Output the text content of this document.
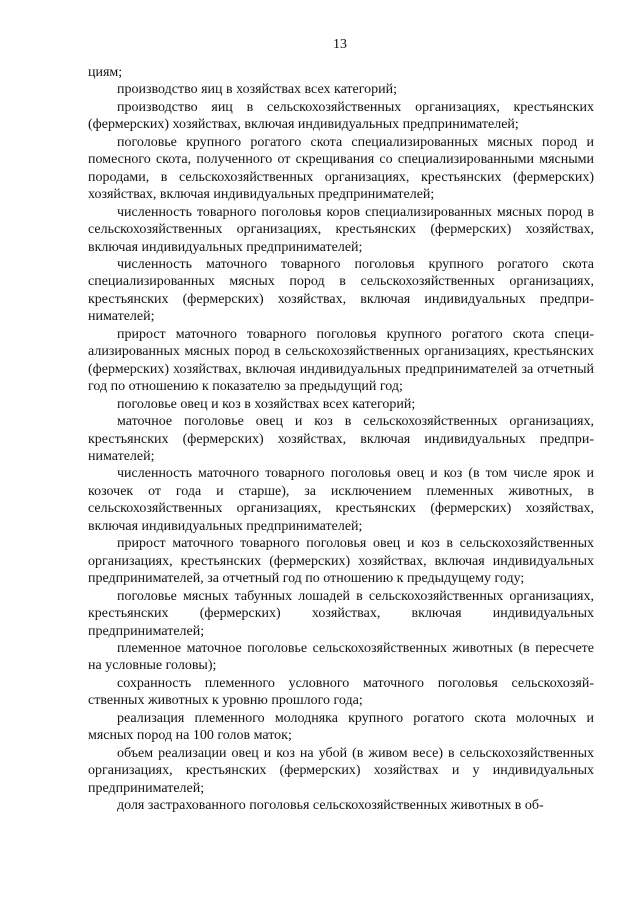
13

циям;

производство яиц в хозяйствах всех категорий;

производство яиц в сельскохозяйственных организациях, крестьянских (фермерских) хозяйствах, включая индивидуальных предпринимателей;

поголовье крупного рогатого скота специализированных мясных пород и помесного скота, полученного от скрещивания со специализированными мясными породами, в сельскохозяйственных организациях, крестьянских (фермерских) хозяйствах, включая индивидуальных предпринимателей;

численность товарного поголовья коров специализированных мясных пород в сельскохозяйственных организациях, крестьянских (фермерских) хозяйствах, включая индивидуальных предпринимателей;

численность маточного товарного поголовья крупного рогатого скота специализированных мясных пород в сельскохозяйственных организациях, крестьянских (фермерских) хозяйствах, включая индивидуальных предпринимателей;

прирост маточного товарного поголовья крупного рогатого скота специализированных мясных пород в сельскохозяйственных организациях, крестьянских (фермерских) хозяйствах, включая индивидуальных предпринимателей за отчетный год по отношению к показателю за предыдущий год;

поголовье овец и коз в хозяйствах всех категорий;

маточное поголовье овец и коз в сельскохозяйственных организациях, крестьянских (фермерских) хозяйствах, включая индивидуальных предпринимателей;

численность маточного товарного поголовья овец и коз (в том числе ярок и козочек от года и старше), за исключением племенных животных, в сельскохозяйственных организациях, крестьянских (фермерских) хозяйствах, включая индивидуальных предпринимателей;

прирост маточного товарного поголовья овец и коз в сельскохозяйственных организациях, крестьянских (фермерских) хозяйствах, включая индивидуальных предпринимателей, за отчетный год по отношению к предыдущему году;

поголовье мясных табунных лошадей в сельскохозяйственных организациях, крестьянских (фермерских) хозяйствах, включая индивидуальных предпринимателей;

племенное маточное поголовье сельскохозяйственных животных (в пересчете на условные головы);

сохранность племенного условного маточного поголовья сельскохозяйственных животных к уровню прошлого года;

реализация племенного молодняка крупного рогатого скота молочных и мясных пород на 100 голов маток;

объем реализации овец и коз на убой (в живом весе) в сельскохозяйственных организациях, крестьянских (фермерских) хозяйствах и у индивидуальных предпринимателей;

доля застрахованного поголовья сельскохозяйственных животных в об-
